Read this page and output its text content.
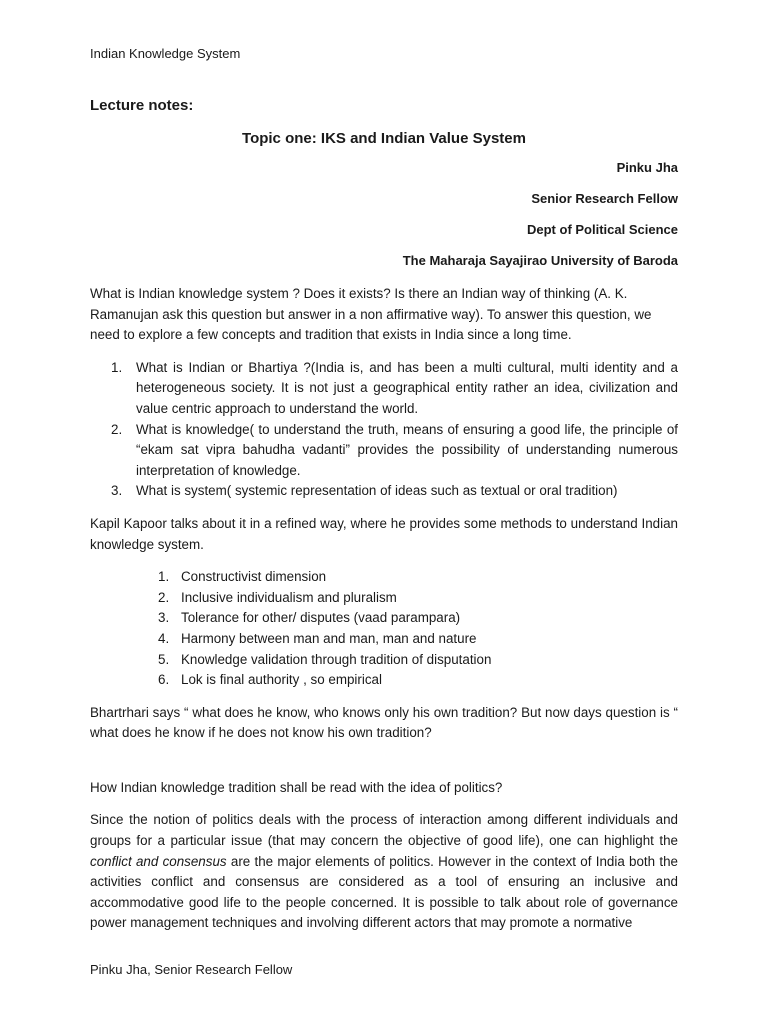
Indian Knowledge System
Lecture notes:
Topic one: IKS and Indian Value System

Pinku Jha

Senior Research Fellow

Dept of Political Science

The Maharaja Sayajirao University of Baroda

What is Indian knowledge system ? Does it exists? Is there an Indian way of thinking (A. K. Ramanujan ask this question but answer in a non affirmative way). To answer this question, we need to explore a few concepts and tradition that exists in India since a long time.

1. What is Indian or Bhartiya ?(India is, and has been a multi cultural, multi identity and a heterogeneous society. It is not just a geographical entity rather an idea, civilization and value centric approach to understand the world.
2. What is knowledge( to understand the truth, means of ensuring a good life, the principle of “ekam sat vipra bahudha vadanti” provides the possibility of understanding numerous interpretation of knowledge.
3. What is system( systemic representation of ideas such as textual or oral tradition)

Kapil Kapoor talks about it in a refined way, where he provides some methods to understand Indian knowledge system.

1. Constructivist dimension
2. Inclusive individualism and pluralism
3. Tolerance for other/ disputes (vaad parampara)
4. Harmony between man and man, man and nature
5. Knowledge validation through tradition of disputation
6. Lok is final authority , so empirical

Bhartrhari says “ what does he know, who knows only his own tradition? But now days question is “ what does he know if he does not know his own tradition?

How Indian knowledge tradition shall be read with the idea of politics?

Since the notion of politics deals with the process of interaction among different individuals and groups for a particular issue (that may concern the objective of good life), one can highlight the conflict and consensus are the major elements of politics. However in the context of India both the activities conflict and consensus are considered as a tool of ensuring an inclusive and accommodative good life to the people concerned. It is possible to talk about role of governance power management techniques and involving different actors that may promote a normative

Pinku Jha, Senior Research Fellow
